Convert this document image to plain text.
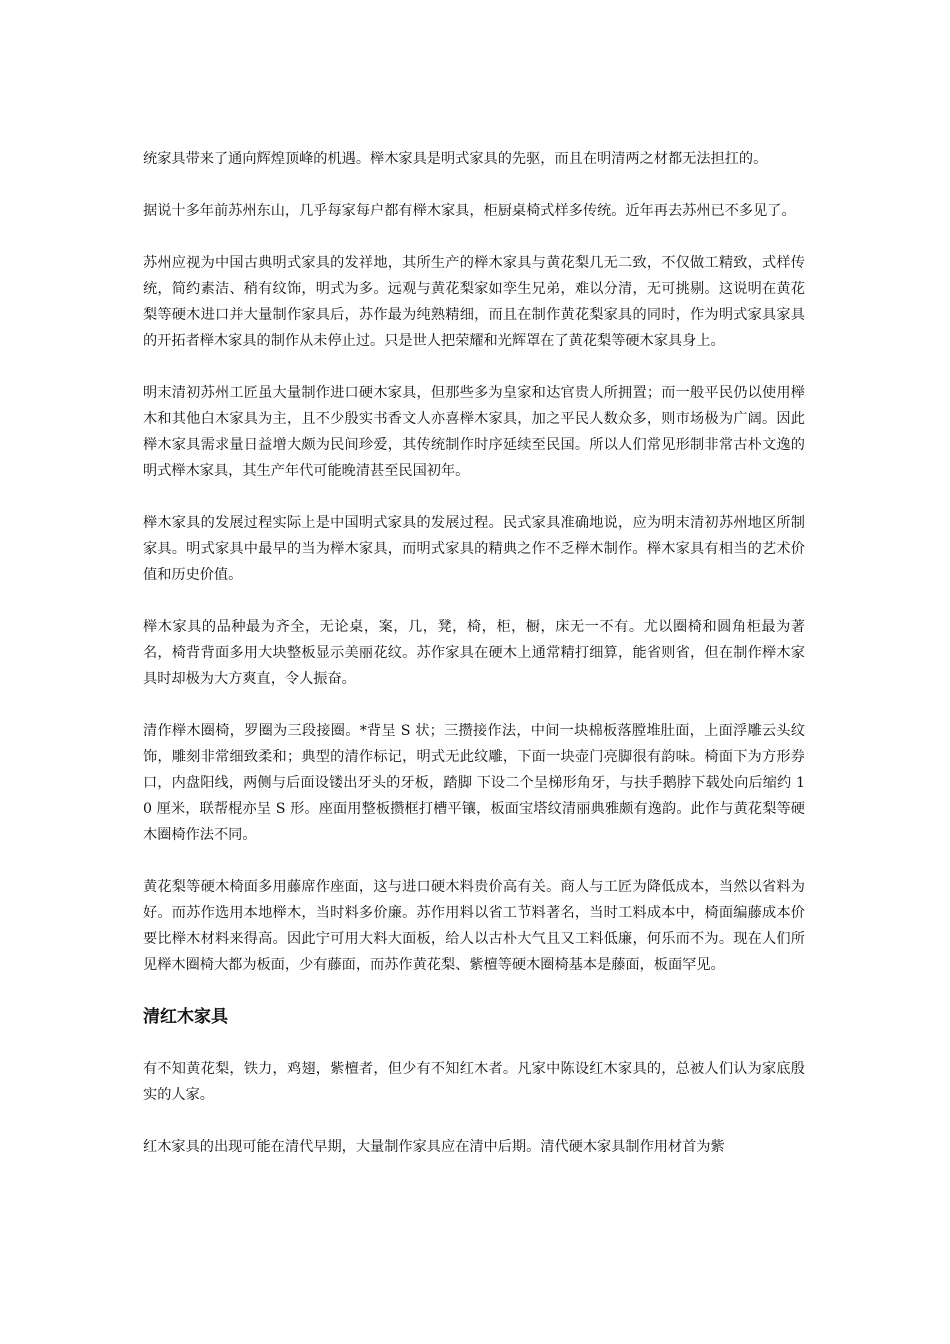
统家具带来了通向辉煌顶峰的机遇。榉木家具是明式家具的先驱，而且在明清两之材都无法担扛的。

据说十多年前苏州东山，几乎每家每户都有榉木家具，柜厨桌椅式样多传统。近年再去苏州已不多见了。

苏州应视为中国古典明式家具的发祥地，其所生产的榉木家具与黄花梨几无二致，不仅做工精致，式样传统，简约素洁、稍有纹饰，明式为多。远观与黄花梨家如孪生兄弟，难以分清，无可挑剔。这说明在黄花梨等硬木进口并大量制作家具后，苏作最为纯熟精细，而且在制作黄花梨家具的同时，作为明式家具家具的开拓者榉木家具的制作从未停止过。只是世人把荣耀和光辉罩在了黄花梨等硬木家具身上。

明末清初苏州工匠虽大量制作进口硬木家具，但那些多为皇家和达官贵人所拥置；而一般平民仍以使用榉木和其他白木家具为主，且不少殷实书香文人亦喜榉木家具，加之平民人数众多，则市场极为广阔。因此榉木家具需求量日益增大颇为民间珍爱，其传统制作时序延续至民国。所以人们常见形制非常古朴文逸的明式榉木家具，其生产年代可能晚清甚至民国初年。

榉木家具的发展过程实际上是中国明式家具的发展过程。民式家具准确地说，应为明末清初苏州地区所制家具。明式家具中最早的当为榉木家具，而明式家具的精典之作不乏榉木制作。榉木家具有相当的艺术价值和历史价值。

榉木家具的品种最为齐全，无论桌，案，几，凳，椅，柜，橱，床无一不有。尤以圈椅和圆角柜最为著名，椅背背面多用大块整板显示美丽花纹。苏作家具在硬木上通常精打细算，能省则省，但在制作榉木家具时却极为大方爽直，令人振奋。

清作榉木圈椅，罗圈为三段接圈。*背呈 S 状；三攒接作法，中间一块棉板落膛堆肚面，上面浮雕云头纹饰，雕刻非常细致柔和；典型的清作标记，明式无此纹雕，下面一块壶门亮脚很有韵味。椅面下为方形券口，内盘阳线，两侧与后面设镂出牙头的牙板，踏脚 下设二个呈梯形角牙，与扶手鹅脖下载处向后缩约 10 厘米，联帮棍亦呈 S 形。座面用整板攒框打槽平镶，板面宝塔纹清丽典雅颇有逸韵。此作与黄花梨等硬木圈椅作法不同。

黄花梨等硬木椅面多用藤席作座面，这与进口硬木料贵价高有关。商人与工匠为降低成本，当然以省料为好。而苏作选用本地榉木，当时料多价廉。苏作用料以省工节料著名，当时工料成本中，椅面编藤成本价要比榉木材料来得高。因此宁可用大料大面板，给人以古朴大气且又工料低廉，何乐而不为。现在人们所见榉木圈椅大都为板面，少有藤面，而苏作黄花梨、紫檀等硬木圈椅基本是藤面，板面罕见。

清红木家具

有不知黄花梨，铁力，鸡翅，紫檀者，但少有不知红木者。凡家中陈设红木家具的，总被人们认为家底殷实的人家。

红木家具的出现可能在清代早期，大量制作家具应在清中后期。清代硬木家具制作用材首为紫
